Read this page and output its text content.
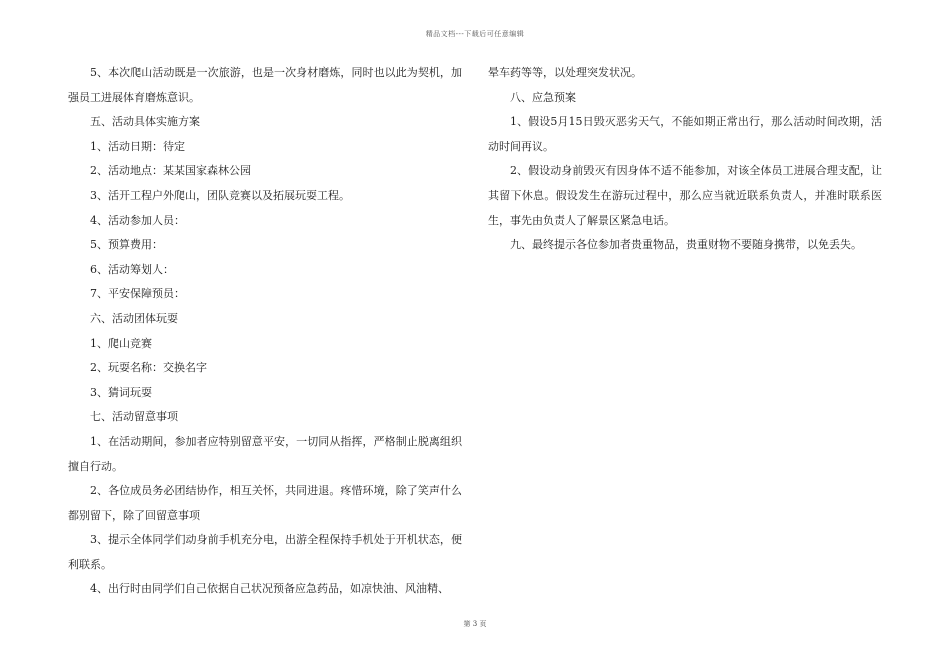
精品文档---下载后可任意编辑

5、本次爬山活动既是一次旅游，也是一次身材磨炼，同时也以此为契机，加强员工进展体育磨炼意识。

五、活动具体实施方案

1、活动日期：待定

2、活动地点：某某国家森林公园

3、活开工程户外爬山，团队竞赛以及拓展玩耍工程。

4、活动参加人员：

5、预算费用：

6、活动筹划人：

7、平安保障预员：

六、活动团体玩耍

1、爬山竞赛

2、玩耍名称：交换名字

3、猜词玩耍

七、活动留意事项

1、在活动期间，参加者应特别留意平安，一切同从指挥，严格制止脱离组织擅自行动。

2、各位成员务必团结协作，相互关怀，共同进退。疼惜环境，除了笑声什么都别留下，除了回留意事项

3、提示全体同学们动身前手机充分电，出游全程保持手机处于开机状态，便利联系。

4、出行时由同学们自己依据自己状况预备应急药品，如凉快油、风油精、

晕车药等等，以处理突发状况。

八、应急预案

1、假设5月15日毁灭恶劣天气，不能如期正常出行，那么活动时间改期，活动时间再议。

2、假设动身前毁灭有因身体不适不能参加，对该全体员工进展合理支配，让其留下休息。假设发生在游玩过程中，那么应当就近联系负责人，并准时联系医生，事先由负责人了解景区紧急电话。

九、最终提示各位参加者贵重物品，贵重财物不要随身携带，以免丢失。

第 3 页
